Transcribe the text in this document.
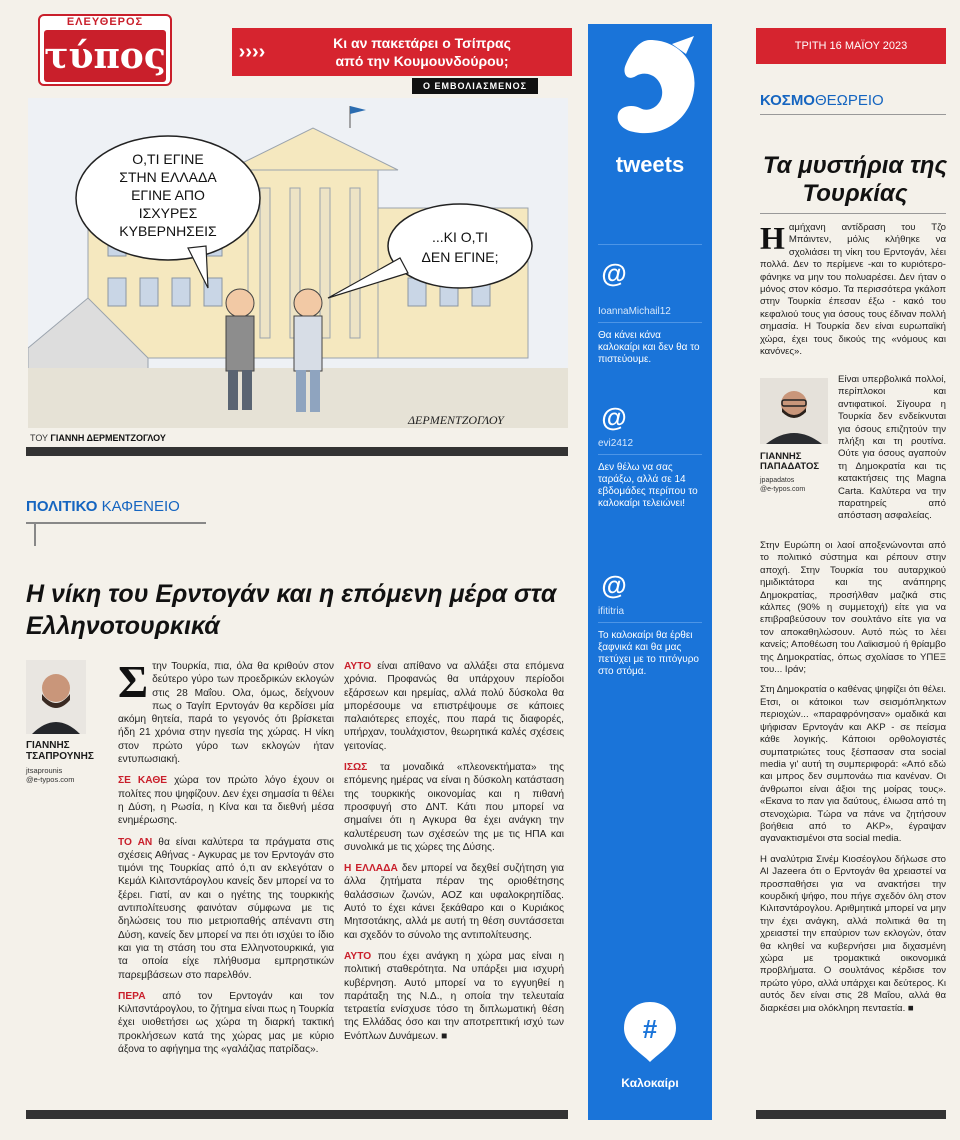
ΕΛΕΥΘΕΡΟΣ
τύπος	››››	Κι αν πακετάρει ο Τσίπρας
από την Κουμουνδούρου;
Ο ΕΜΒΟΛΙΑΣΜΕΝΟΣ
Ο,ΤΙ ΕΓΙΝΕ
ΣΤΗΝ ΕΛΛΑΔΑ
ΕΓΙΝΕ ΑΠΟ
ΙΣΧΥΡΕΣ
ΚΥΒΕΡΝΗΣΕΙΣ	...ΚΙ Ο,ΤΙ
ΔΕΝ ΕΓΙΝΕ;
ΔΕΡΜΕΝΤΖΟΓΛΟΥ
ΤΟΥ ΓΙΑΝΝΗ ΔΕΡΜΕΝΤΖΟΓΛΟΥ
ΠΟΛΙΤΙΚΟ ΚΑΦΕΝΕΙΟ
Η νίκη του Ερντογάν και η επόμενη μέρα στα Ελληνοτουρκικά
ΓΙΑΝΝΗΣ
ΤΣΑΠΡΟΥΝΗΣ
jtsaprounis
@e-typos.com

Στην Τουρκία, πια, όλα θα κριθούν στον δεύτερο γύρο των προεδρικών εκλογών στις 28 Μαΐου. Ολα, όμως, δείχνουν πως ο Ταγίπ Ερντογάν θα κερδίσει μία ακόμη θητεία, παρά το γεγονός ότι βρίσκεται ήδη 21 χρόνια στην ηγεσία της χώρας. Η νίκη στον πρώτο γύρο των εκλογών ήταν εντυπωσιακή.

ΣΕ ΚΑΘΕ χώρα τον πρώτο λόγο έχουν οι πολίτες που ψηφίζουν. Δεν έχει σημασία τι θέλει η Δύση, η Ρωσία, η Κίνα και τα διεθνή μέσα ενημέρωσης.

ΤΟ ΑΝ θα είναι καλύτερα τα πράγματα στις σχέσεις Αθήνας - Αγκυρας με τον Ερντογάν στο τιμόνι της Τουρκίας από ό,τι αν εκλεγόταν ο Κεμάλ Κιλιτσντάρογλου κανείς δεν μπορεί να το ξέρει. Γιατί, αν και ο ηγέτης της τουρκικής αντιπολίτευσης φαινόταν σύμφωνα με τις δηλώσεις του πιο μετριοπαθής απέναντι στη Δύση, κανείς δεν μπορεί να πει ότι ισχύει το ίδιο και για τη στάση του στα Ελληνοτουρκικά, για τα οποία είχε πλήθυσμα εμπρηστικών παρεμβάσεων στο παρελθόν.

ΠΕΡΑ από τον Ερντογάν και τον Κιλιτσντάρογλου, το ζήτημα είναι πως η Τουρκία έχει υιοθετήσει ως χώρα τη διαρκή τακτική προκλήσεων κατά της χώρας μας με κύριο άξονα το αφήγημα της «γαλάζιας πατρίδας».

ΑΥΤΟ είναι απίθανο να αλλάξει στα επόμενα χρόνια. Προφανώς θα υπάρχουν περίοδοι εξάρσεων και ηρεμίας, αλλά πολύ δύσκολα θα μπορέσουμε να επιστρέψουμε σε κάποιες παλαιότερες εποχές, που παρά τις διαφορές, υπήρχαν, τουλάχιστον, θεωρητικά καλές σχέσεις γειτονίας.

ΙΣΩΣ τα μοναδικά «πλεονεκτήματα» της επόμενης ημέρας να είναι η δύσκολη κατάσταση της τουρκικής οικονομίας και η πιθανή προσφυγή στο ΔΝΤ. Κάτι που μπορεί να σημαίνει ότι η Αγκυρα θα έχει ανάγκη την καλυτέρευση των σχέσεών της με τις ΗΠΑ και συνολικά με τις χώρες της Δύσης.

Η ΕΛΛΑΔΑ δεν μπορεί να δεχθεί συζήτηση για άλλα ζητήματα πέραν της οριοθέτησης θαλάσσιων ζωνών, ΑΟΖ και υφαλοκρηπίδας. Αυτό το έχει κάνει ξεκάθαρο και ο Κυριάκος Μητσοτάκης, αλλά με αυτή τη θέση συντάσσεται και σχεδόν το σύνολο της αντιπολίτευσης.

ΑΥΤΟ που έχει ανάγκη η χώρα μας είναι η πολιτική σταθερότητα. Να υπάρξει μια ισχυρή κυβέρνηση. Αυτό μπορεί να το εγγυηθεί η παράταξη της Ν.Δ., η οποία την τελευταία τετραετία ενίσχυσε τόσο τη διπλωματική θέση της Ελλάδας όσο και την αποτρεπτική ισχύ των Ενόπλων Δυνάμεων. ■

tweets
@
IoannaMichail12
Θα κάνει κάνα καλοκαίρι και δεν θα το πιστεύουμε.
@
evi2412
Δεν θέλω να σας ταράξω, αλλά σε 14 εβδομάδες περίπου το καλοκαίρι τελειώνει!
@
ifititria
Το καλοκαίρι θα έρθει ξαφνικά και θα μας πετύχει με το πιτόγυρο στο στόμα.
#
Καλοκαίρι
ΤΡΙΤΗ 16 ΜΑΪΟΥ 2023
ΚΟΣΜΟΘΕΩΡΕΙΟ
Τα μυστήρια της Τουρκίας

Ηαμήχανη αντίδραση του Τζο Μπάιντεν, μόλις κλήθηκε να σχολιάσει τη νίκη του Ερντογάν, λέει πολλά. Δεν το περίμενε -και το κυριότερο- φάνηκε να μην του πολυαρέσει. Δεν ήταν ο μόνος στον κόσμο. Τα περισσότερα γκάλοπ στην Τουρκία έπεσαν έξω - κακό του κεφαλιού τους για όσους τους έδιναν πολλή σημασία. Η Τουρκία δεν είναι ευρωπαϊκή χώρα, έχει τους δικούς της «νόμους και κανόνες».

ΓΙΑΝΝΗΣ
ΠΑΠΑΔΑΤΟΣ
jpapadatos
@e-typos.com

Είναι υπερβολικά πολλοί, περίπλοκοι και αντιφατικοί. Σίγουρα η Τουρκία δεν ενδείκνυται για όσους επιζητούν την πλήξη και τη ρουτίνα. Ούτε για όσους αγαπούν τη Δημοκρατία και τις κατακτήσεις της Magna Carta. Καλύτερα να την παρατηρείς από απόσταση ασφαλείας.

Στην Ευρώπη οι λαοί αποξενώνονται από το πολιτικό σύστημα και ρέπουν στην αποχή. Στην Τουρκία του αυταρχικού ημιδικτάτορα και της ανάπηρης Δημοκρατίας, προσήλθαν μαζικά στις κάλπες (90% η συμμετοχή) είτε για να επιβραβεύσουν τον σουλτάνο είτε για να τον αποκαθηλώσουν. Αυτό πώς το λέει κανείς; Αποθέωση του Λαϊκισμού ή θρίαμβο της Δημοκρατίας, όπως σχολίασε το ΥΠΕΞ του... Ιράν;

Στη Δημοκρατία ο καθένας ψηφίζει ότι θέλει. Ετσι, οι κάτοικοι των σεισμόπληκτων περιοχών... «παραφρόνησαν» ομαδικά και ψήφισαν Ερντογάν και ΑΚΡ - σε πείσμα κάθε λογικής. Κάποιοι ορθολογιστές συμπατριώτες τους ξέσπασαν στα social media γι' αυτή τη συμπεριφορά: «Από εδώ και μπρος δεν συμπονάω πια κανέναν. Οι άνθρωποι είναι άξιοι της μοίρας τους». «Εκανα το παν για δαύτους, έλιωσα από τη στενοχώρια. Τώρα να πάνε να ζητήσουν βοήθεια από το ΑΚΡ», έγραψαν αγανακτισμένοι στα social media.

Η αναλύτρια Σινέμ Κιοσέογλου δήλωσε στο Al Jazeera ότι ο Ερντογάν θα χρειαστεί να προσπαθήσει για να ανακτήσει την κουρδική ψήφο, που πήγε σχεδόν όλη στον Κιλιτσντάρογλου. Αριθμητικά μπορεί να μην την έχει ανάγκη, αλλά πολιτικά θα τη χρειαστεί την επαύριον των εκλογών, όταν θα κληθεί να κυβερνήσει μια διχασμένη χώρα με τρομακτικά οικονομικά προβλήματα. Ο σουλτάνος κέρδισε τον πρώτο γύρο, αλλά υπάρχει και δεύτερος. Κι αυτός δεν είναι στις 28 Μαΐου, αλλά θα διαρκέσει μια ολόκληρη πενταετία. ■
